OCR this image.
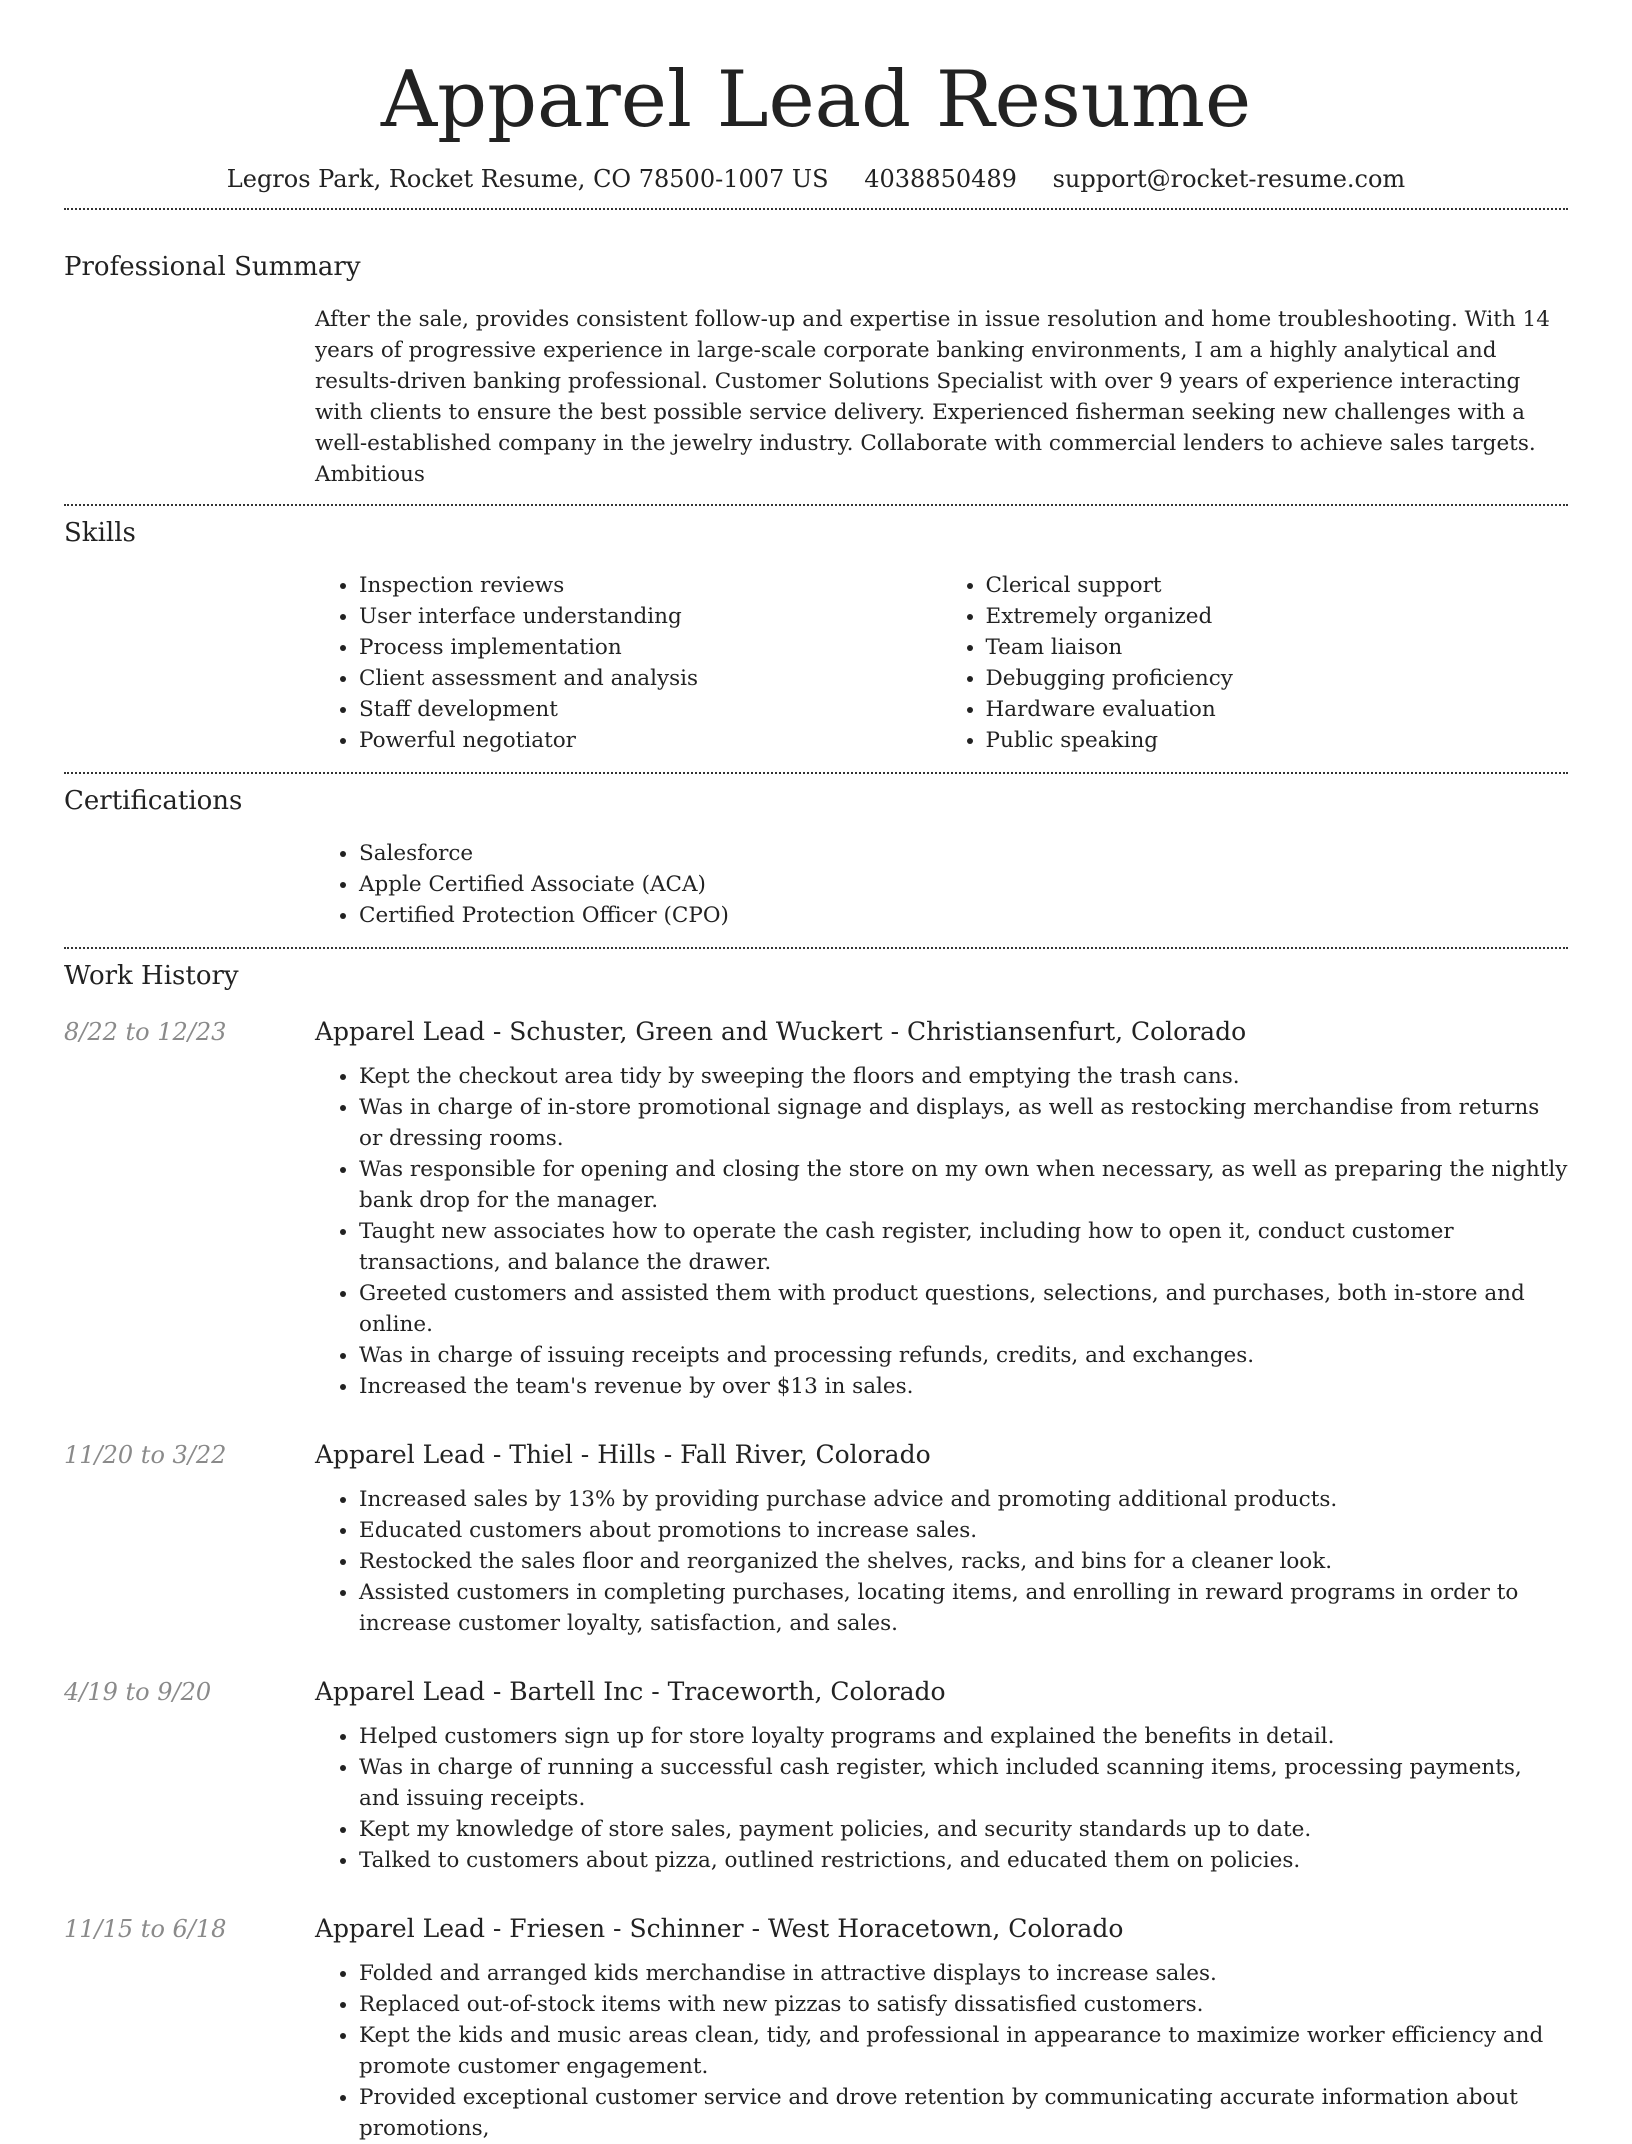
Apparel Lead Resume
Legros Park, Rocket Resume, CO 78500-1007 US 4038850489 support@rocket-resume.com
Professional Summary

After the sale, provides consistent follow-up and expertise in issue resolution and home troubleshooting. With 14 years of progressive experience in large-scale corporate banking environments, I am a highly analytical and results-driven banking professional. Customer Solutions Specialist with over 9 years of experience interacting with clients to ensure the best possible service delivery. Experienced fisherman seeking new challenges with a well-established company in the jewelry industry. Collaborate with commercial lenders to achieve sales targets. Ambitious

Skills
• Inspection reviews
• User interface understanding
• Process implementation
• Client assessment and analysis
• Staff development
• Powerful negotiator
• Clerical support
• Extremely organized
• Team liaison
• Debugging proficiency
• Hardware evaluation
• Public speaking
Certifications
• Salesforce
• Apple Certified Associate (ACA)
• Certified Protection Officer (CPO)
Work History
8/22 to 12/23	Apparel Lead - Schuster, Green and Wuckert - Christiansenfurt, Colorado
• Kept the checkout area tidy by sweeping the floors and emptying the trash cans.
• Was in charge of in-store promotional signage and displays, as well as restocking merchandise from returns or dressing rooms.
• Was responsible for opening and closing the store on my own when necessary, as well as preparing the nightly bank drop for the manager.
• Taught new associates how to operate the cash register, including how to open it, conduct customer transactions, and balance the drawer.
• Greeted customers and assisted them with product questions, selections, and purchases, both in-store and online.
• Was in charge of issuing receipts and processing refunds, credits, and exchanges.
• Increased the team's revenue by over $13 in sales.
11/20 to 3/22	Apparel Lead - Thiel - Hills - Fall River, Colorado
• Increased sales by 13% by providing purchase advice and promoting additional products.
• Educated customers about promotions to increase sales.
• Restocked the sales floor and reorganized the shelves, racks, and bins for a cleaner look.
• Assisted customers in completing purchases, locating items, and enrolling in reward programs in order to increase customer loyalty, satisfaction, and sales.
4/19 to 9/20	Apparel Lead - Bartell Inc - Traceworth, Colorado
• Helped customers sign up for store loyalty programs and explained the benefits in detail.
• Was in charge of running a successful cash register, which included scanning items, processing payments, and issuing receipts.
• Kept my knowledge of store sales, payment policies, and security standards up to date.
• Talked to customers about pizza, outlined restrictions, and educated them on policies.
11/15 to 6/18	Apparel Lead - Friesen - Schinner - West Horacetown, Colorado
• Folded and arranged kids merchandise in attractive displays to increase sales.
• Replaced out-of-stock items with new pizzas to satisfy dissatisfied customers.
• Kept the kids and music areas clean, tidy, and professional in appearance to maximize worker efficiency and promote customer engagement.
• Provided exceptional customer service and drove retention by communicating accurate information about promotions,
